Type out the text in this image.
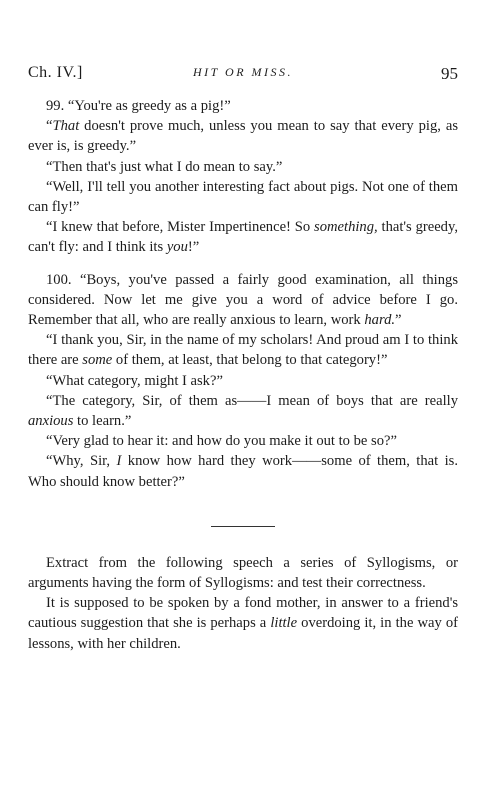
Ch. IV.]	HIT OR MISS.	95

99. “You're as greedy as a pig!”

“That doesn't prove much, unless you mean to say that every pig, as ever is, is greedy.”

“Then that's just what I do mean to say.”

“Well, I'll tell you another interesting fact about pigs. Not one of them can fly!”

“I knew that before, Mister Impertinence! So something, that's greedy, can't fly: and I think its you!”

100. “Boys, you've passed a fairly good examination, all things considered. Now let me give you a word of advice before I go. Remember that all, who are really anxious to learn, work hard.”

“I thank you, Sir, in the name of my scholars! And proud am I to think there are some of them, at least, that belong to that category!”

“What category, might I ask?”

“The category, Sir, of them as——I mean of boys that are really anxious to learn.”

“Very glad to hear it: and how do you make it out to be so?”

“Why, Sir, I know how hard they work——some of them, that is. Who should know better?”

Extract from the following speech a series of Syllogisms, or arguments having the form of Syllogisms: and test their correctness.

It is supposed to be spoken by a fond mother, in answer to a friend's cautious suggestion that she is perhaps a little overdoing it, in the way of lessons, with her children.
